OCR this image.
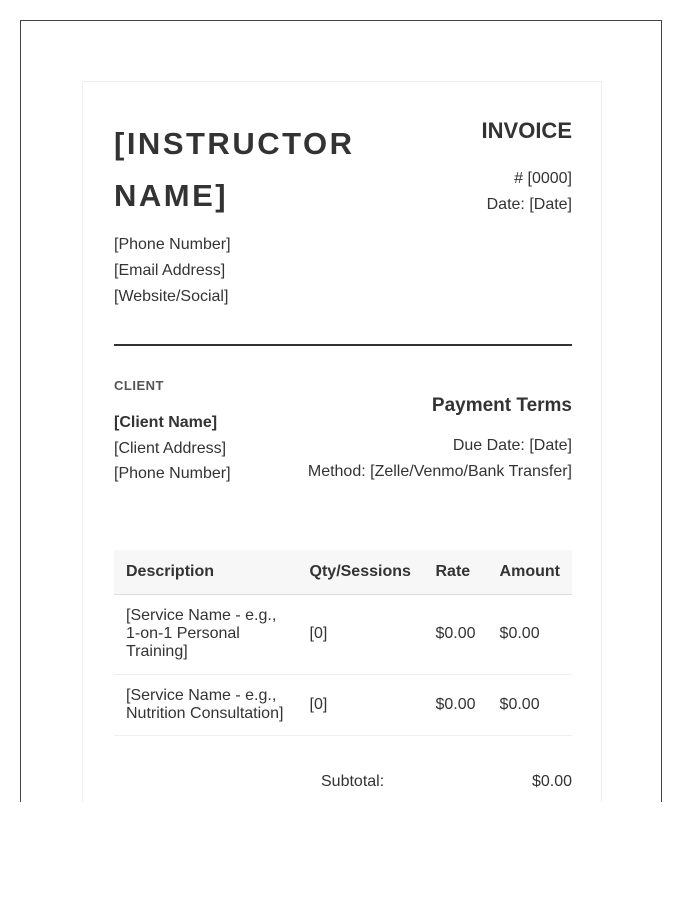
[INSTRUCTOR NAME]
[Phone Number]
[Email Address]
[Website/Social]
INVOICE
# [0000]
Date: [Date]
CLIENT
[Client Name]
[Client Address]
[Phone Number]
Payment Terms
Due Date: [Date]
Method: [Zelle/Venmo/Bank Transfer]
Description	Qty/Sessions	Rate	Amount
[Service Name - e.g., 1-on-1 Personal Training]	[0]	$0.00	$0.00
[Service Name - e.g., Nutrition Consultation]	[0]	$0.00	$0.00
Subtotal:	$0.00
